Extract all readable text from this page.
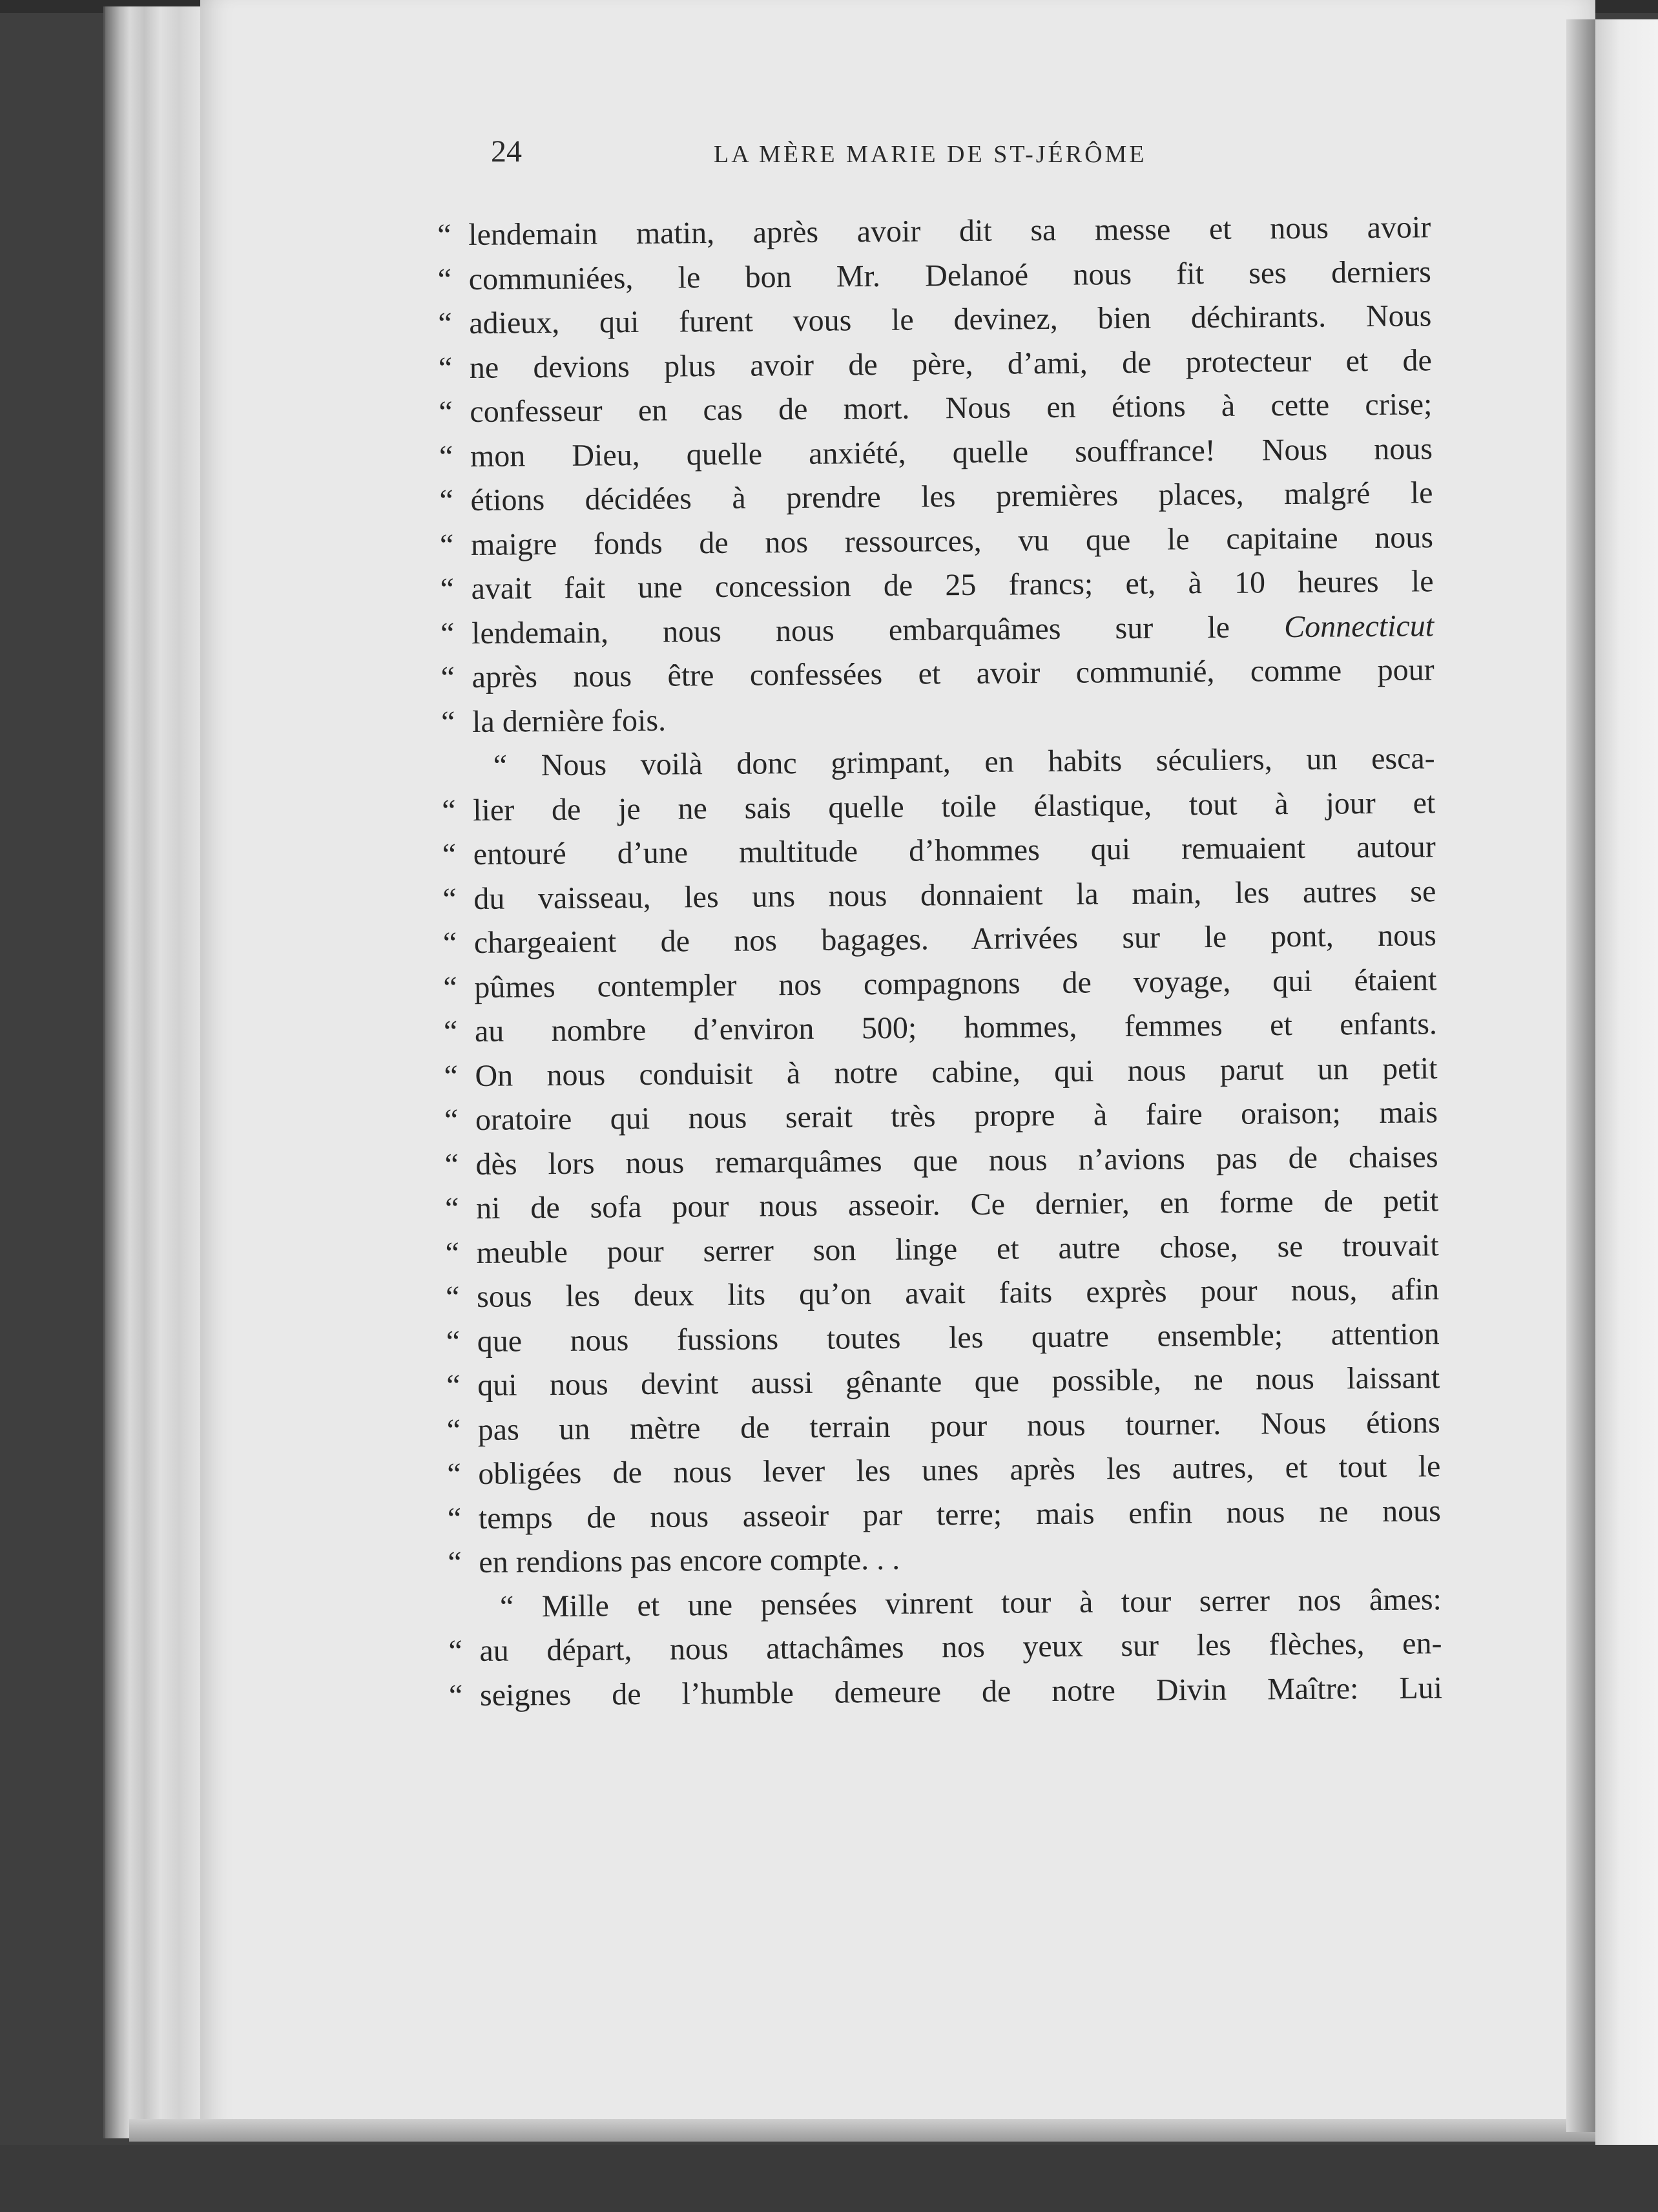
24	LA MÈRE MARIE DE ST-JÉRÔME
“ lendemain matin, après avoir dit sa messe et nous avoir
“ communiées, le bon Mr. Delanoé nous fit ses derniers
“ adieux, qui furent vous le devinez, bien déchirants. Nous
“ ne devions plus avoir de père, d’ami, de protecteur et de
“ confesseur en cas de mort. Nous en étions à cette crise;
“ mon Dieu, quelle anxiété, quelle souffrance! Nous nous
“ étions décidées à prendre les premières places, malgré le
“ maigre fonds de nos ressources, vu que le capitaine nous
“ avait fait une concession de 25 francs; et, à 10 heures le
“ lendemain, nous nous embarquâmes sur le Connecticut
“ après nous être confessées et avoir communié, comme pour
“ la dernière fois.
“ Nous voilà donc grimpant, en habits séculiers, un esca-
“ lier de je ne sais quelle toile élastique, tout à jour et
“ entouré d’une multitude d’hommes qui remuaient autour
“ du vaisseau, les uns nous donnaient la main, les autres se
“ chargeaient de nos bagages. Arrivées sur le pont, nous
“ pûmes contempler nos compagnons de voyage, qui étaient
“ au nombre d’environ 500; hommes, femmes et enfants.
“ On nous conduisit à notre cabine, qui nous parut un petit
“ oratoire qui nous serait très propre à faire oraison; mais
“ dès lors nous remarquâmes que nous n’avions pas de chaises
“ ni de sofa pour nous asseoir. Ce dernier, en forme de petit
“ meuble pour serrer son linge et autre chose, se trouvait
“ sous les deux lits qu’on avait faits exprès pour nous, afin
“ que nous fussions toutes les quatre ensemble; attention
“ qui nous devint aussi gênante que possible, ne nous laissant
“ pas un mètre de terrain pour nous tourner. Nous étions
“ obligées de nous lever les unes après les autres, et tout le
“ temps de nous asseoir par terre; mais enfin nous ne nous
“ en rendions pas encore compte. . .
“ Mille et une pensées vinrent tour à tour serrer nos âmes:
“ au départ, nous attachâmes nos yeux sur les flèches, en-
“ seignes de l’humble demeure de notre Divin Maître: Lui
